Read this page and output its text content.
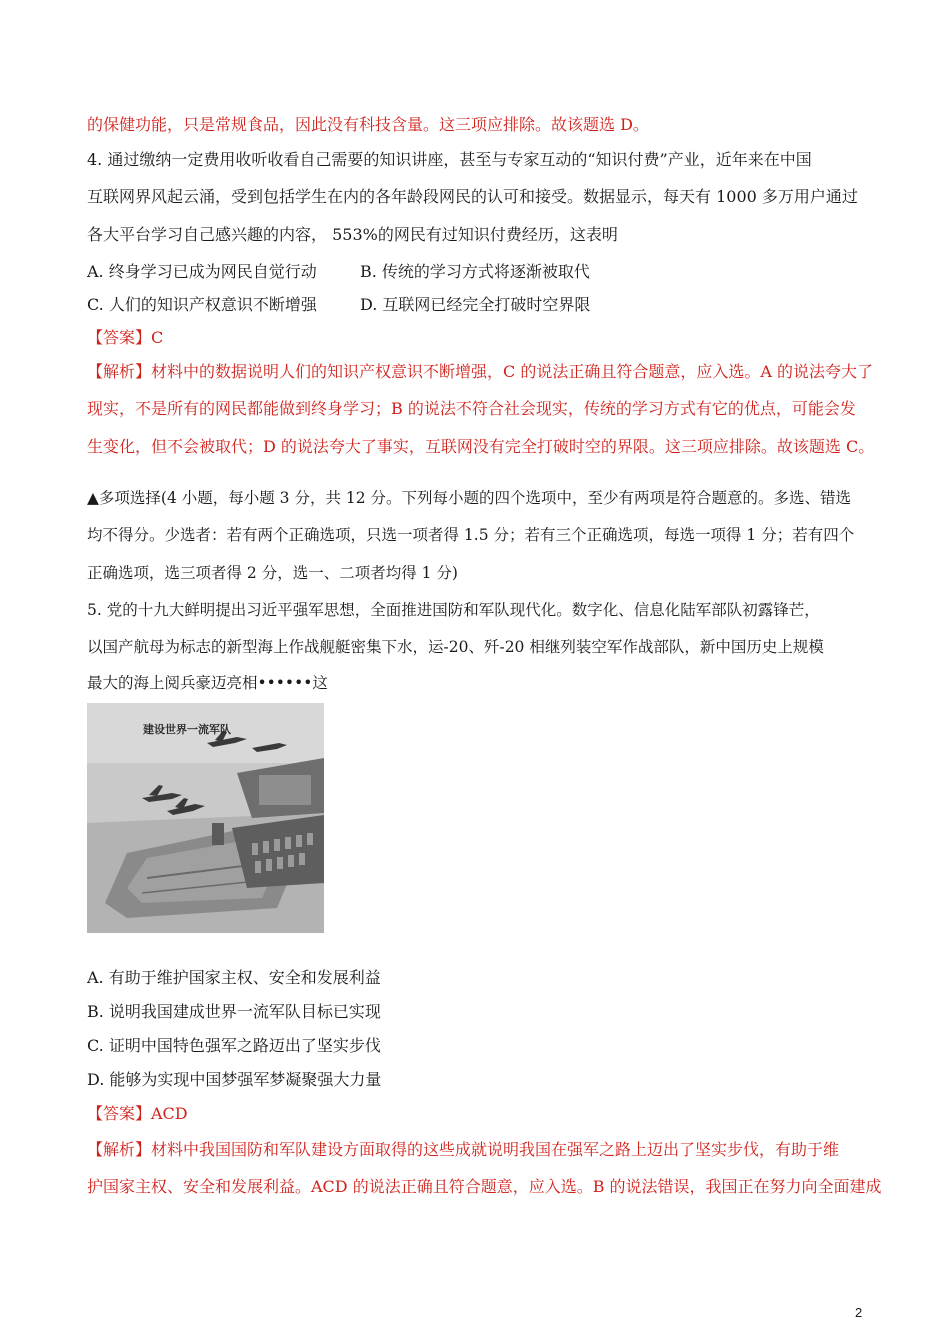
的保健功能，只是常规食品，因此没有科技含量。这三项应排除。故该题选 D。
4. 通过缴纳一定费用收听收看自己需要的知识讲座，甚至与专家互动的“知识付费”产业，近年来在中国
互联网界风起云涌，受到包括学生在内的各年龄段网民的认可和接受。数据显示，每天有 1000 多万用户通过
各大平台学习自己感兴趣的内容， 553%的网民有过知识付费经历，这表明
A. 终身学习已成为网民自觉行动	B. 传统的学习方式将逐渐被取代
C. 人们的知识产权意识不断增强	D. 互联网已经完全打破时空界限
【答案】C
【解析】材料中的数据说明人们的知识产权意识不断增强，C 的说法正确且符合题意，应入选。A 的说法夸大了
现实，不是所有的网民都能做到终身学习；B 的说法不符合社会现实，传统的学习方式有它的优点，可能会发
生变化，但不会被取代；D 的说法夸大了事实，互联网没有完全打破时空的界限。这三项应排除。故该题选 C。
▲多项选择(4 小题，每小题 3 分，共 12 分。下列每小题的四个选项中，至少有两项是符合题意的。多选、错选
均不得分。少选者：若有两个正确选项，只选一项者得 1.5 分；若有三个正确选项，每选一项得 1 分；若有四个
正确选项，选三项者得 2 分，选一、二项者均得 1 分)
5. 党的十九大鲜明提出习近平强军思想，全面推进国防和军队现代化。数字化、信息化陆军部队初露锋芒，
以国产航母为标志的新型海上作战舰艇密集下水，运-20、歼-20 相继列装空军作战部队，新中国历史上规模
最大的海上阅兵豪迈亮相••••••这
建设世界一流军队
A. 有助于维护国家主权、安全和发展利益
B. 说明我国建成世界一流军队目标已实现
C. 证明中国特色强军之路迈出了坚实步伐
D. 能够为实现中国梦强军梦凝聚强大力量
【答案】ACD
【解析】材料中我国国防和军队建设方面取得的这些成就说明我国在强军之路上迈出了坚实步伐，有助于维
护国家主权、安全和发展利益。ACD 的说法正确且符合题意，应入选。B 的说法错误，我国正在努力向全面建成
2
